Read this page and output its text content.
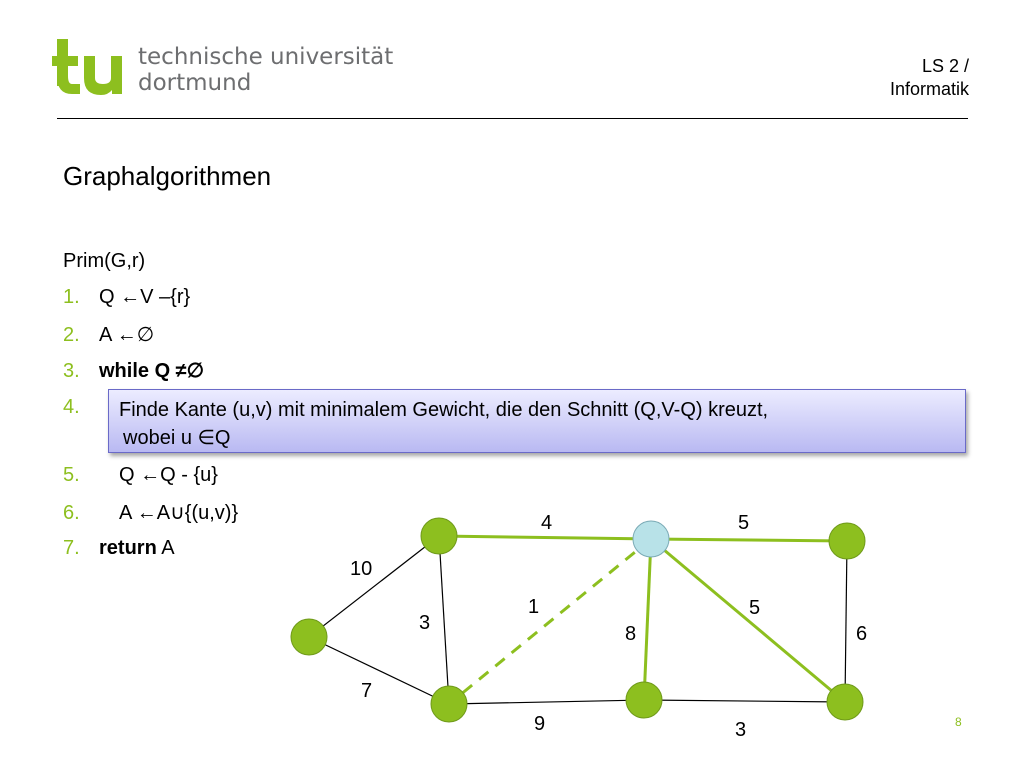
technische universität
dortmund
LS 2 /
Informatik
Graphalgorithmen
Prim(G,r)
1. Q ←V –{r}
2. A ←∅
3. while Q ≠∅
4.
5. Q ←Q - {u}
6. A ←A∪{(u,v)}
7. return A
Finde Kante (u,v) mit minimalem Gewicht, die den Schnitt (Q,V-Q) kreuzt,
wobei u ∈Q
10
7
4
3
1
5
8
5
6
9	3	8
